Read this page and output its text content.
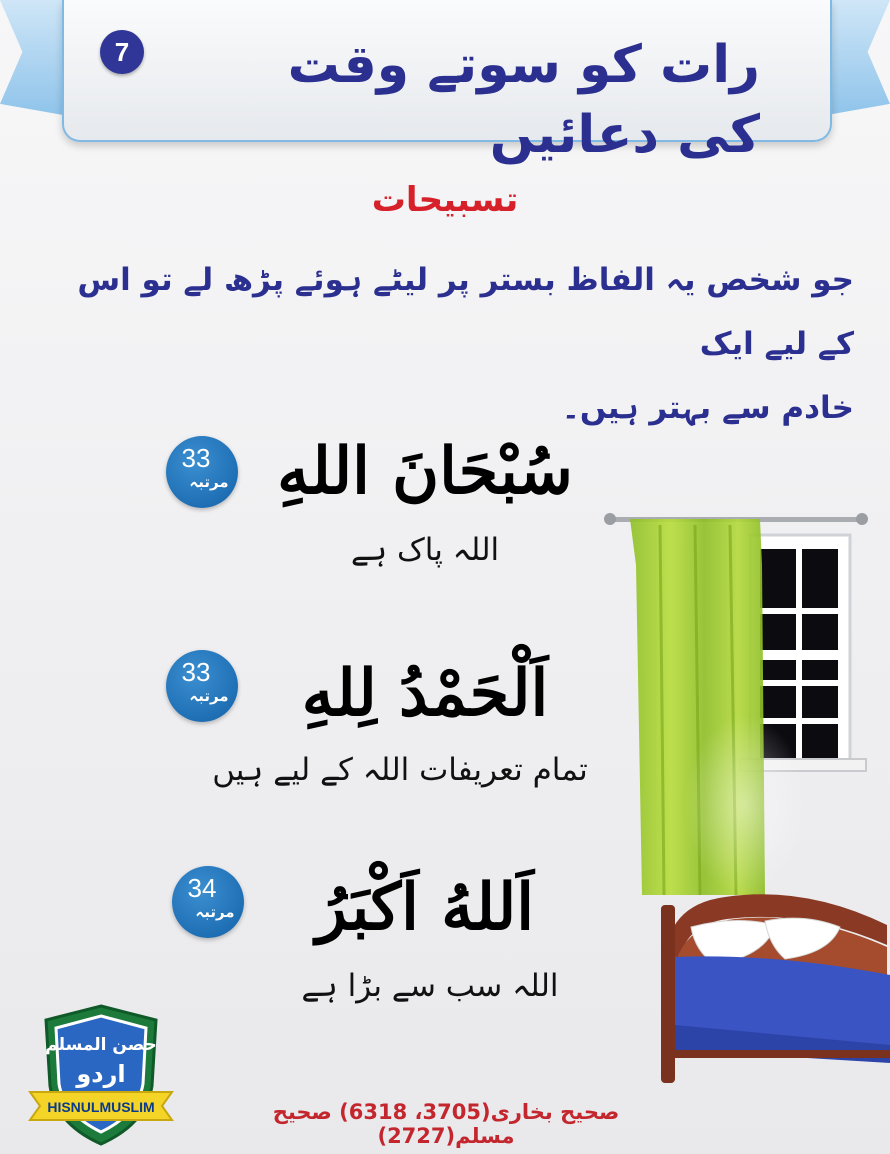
7	رات کو سوتے وقت کی دعائیں
تسبیحات
جو شخص یہ الفاظ بستر پر لیٹے ہوئے پڑھ لے تو اس کے لیے ایک
خادم سے بہتر ہیں۔
سُبْحَانَ اللهِ
33
مرتبہ
اللہ پاک ہے
اَلْحَمْدُ لِلهِ
33
مرتبہ
تمام تعریفات اللہ کے لیے ہیں
اَللهُ اَكْبَرُ
34
مرتبہ
اللہ سب سے بڑا ہے
حصن المسلم
اردو
HISNULMUSLIM	صحیح بخاری(3705، 6318) صحیح مسلم(2727)
